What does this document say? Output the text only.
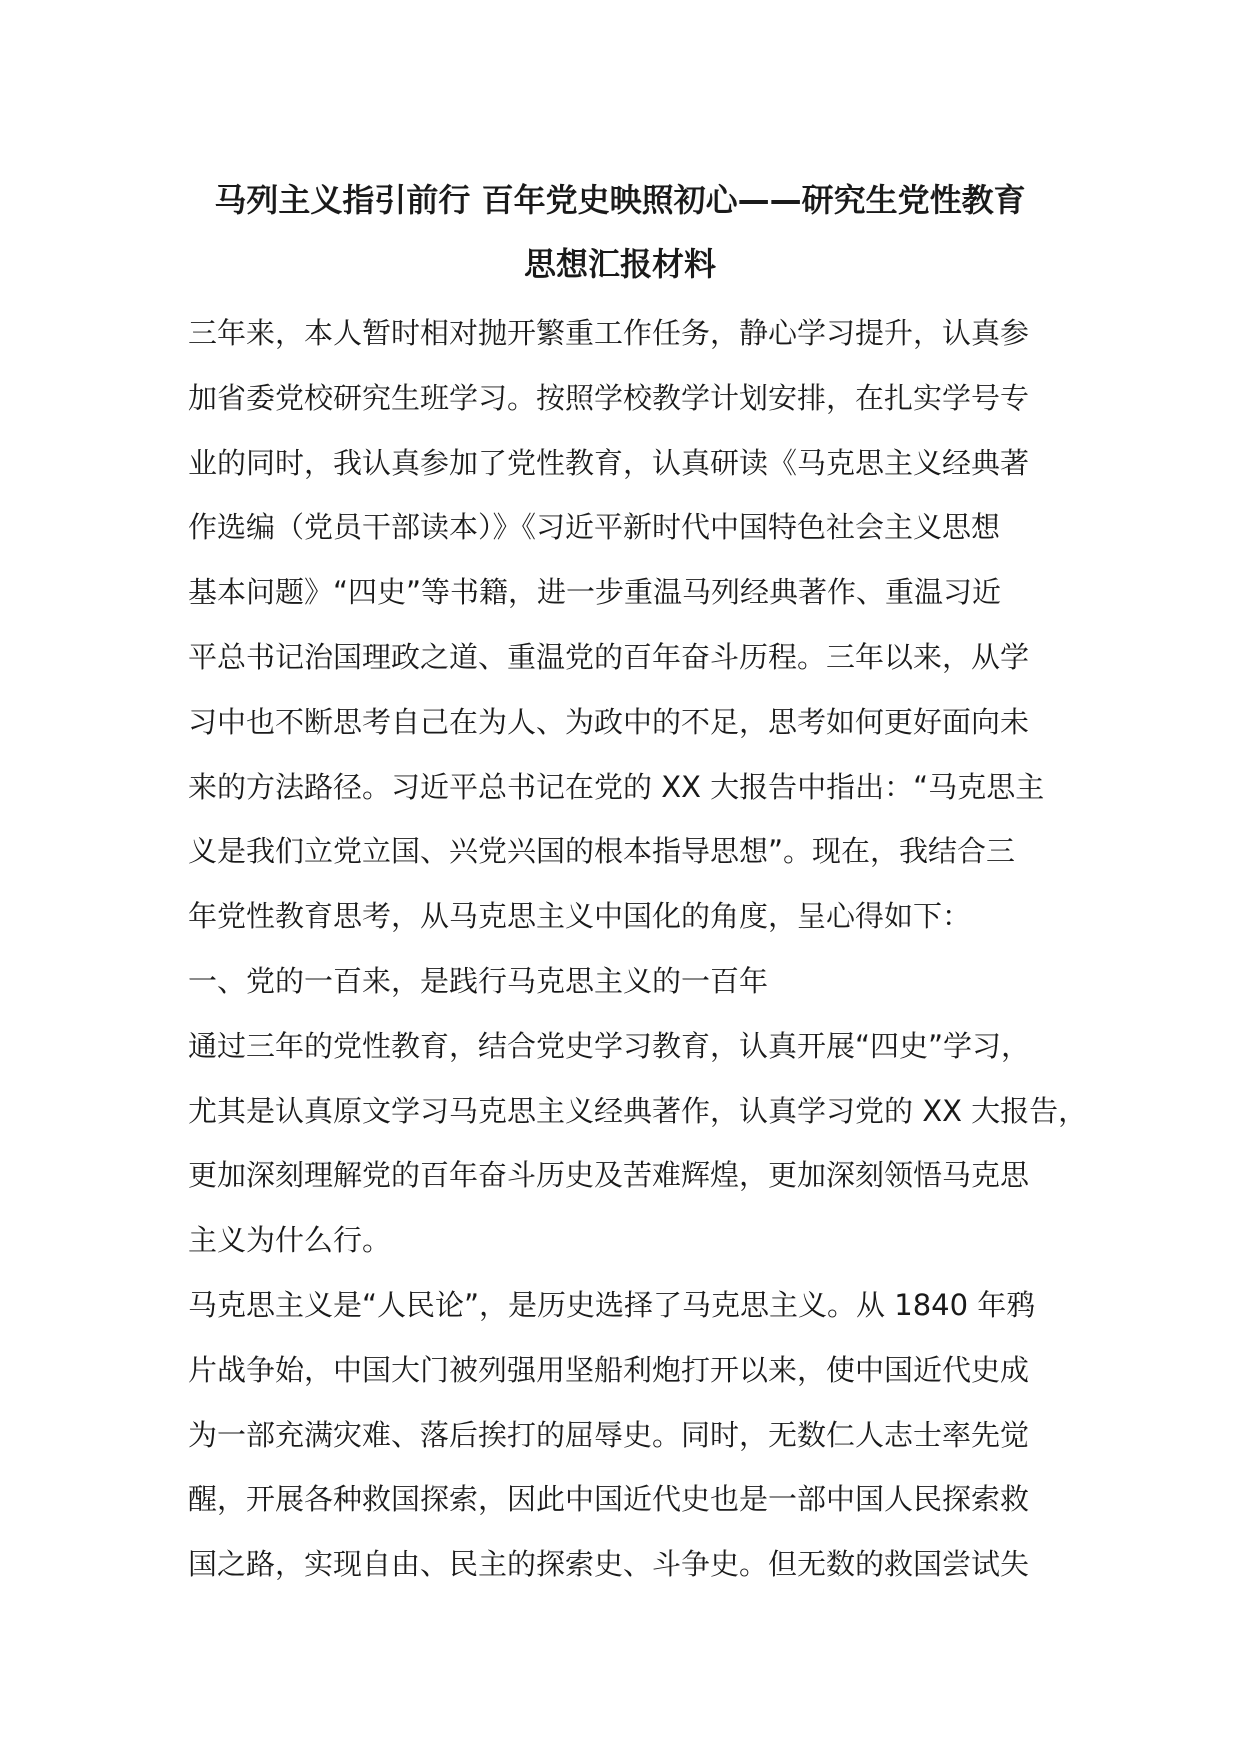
马列主义指引前行 百年党史映照初心——研究生党性教育
思想汇报材料
三年来，本人暂时相对抛开繁重工作任务，静心学习提升，认真参
加省委党校研究生班学习。按照学校教学计划安排，在扎实学号专
业的同时，我认真参加了党性教育，认真研读《马克思主义经典著
作选编（党员干部读本）》《习近平新时代中国特色社会主义思想
基本问题》“四史”等书籍，进一步重温马列经典著作、重温习近
平总书记治国理政之道、重温党的百年奋斗历程。三年以来，从学
习中也不断思考自己在为人、为政中的不足，思考如何更好面向未
来的方法路径。习近平总书记在党的 XX 大报告中指出：“马克思主
义是我们立党立国、兴党兴国的根本指导思想”。现在，我结合三
年党性教育思考，从马克思主义中国化的角度，呈心得如下：
一、党的一百来，是践行马克思主义的一百年
通过三年的党性教育，结合党史学习教育，认真开展“四史”学习，
尤其是认真原文学习马克思主义经典著作，认真学习党的 XX 大报告，
更加深刻理解党的百年奋斗历史及苦难辉煌，更加深刻领悟马克思
主义为什么行。
马克思主义是“人民论”，是历史选择了马克思主义。从 1840 年鸦
片战争始，中国大门被列强用坚船利炮打开以来，使中国近代史成
为一部充满灾难、落后挨打的屈辱史。同时，无数仁人志士率先觉
醒，开展各种救国探索，因此中国近代史也是一部中国人民探索救
国之路，实现自由、民主的探索史、斗争史。但无数的救国尝试失
